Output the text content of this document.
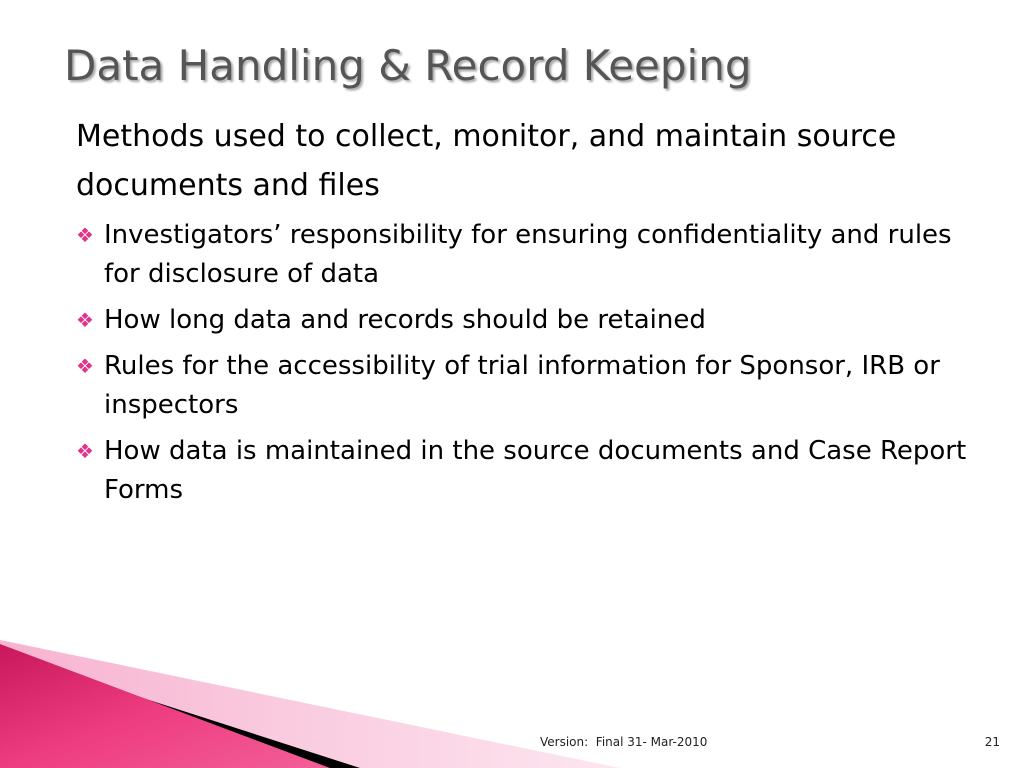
Data Handling & Record Keeping

Methods used to collect, monitor, and maintain source documents and files

❖ Investigators’ responsibility for ensuring confidentiality and rules for disclosure of data
❖ How long data and records should be retained
❖ Rules for the accessibility of trial information for Sponsor, IRB or inspectors
❖ How data is maintained in the source documents and Case Report Forms
Version:  Final 31- Mar-2010	21
